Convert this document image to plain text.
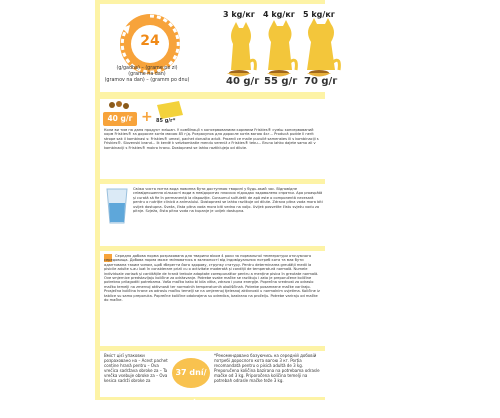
24
3 kg/кг 4 kg/кг 5 kg/кг
40 g/г 55 g/г 70 g/г
(g/gadha) – (grame pe zi)
(grame na dan)
(gramov na dan) – (gramm po dnu)
40 g/г + 85 g/г*
Коли ви тим на даня продукт змішан. У комбінації з консервованими кормами Friskies® суміш консервований корм Friskies® за доросле котів масою 85 г/д. Розрахунок для доросле котів вагою 4кг... Producă pudde Il nerit strope sak il kombinasi s: Friskies® umezi, pachet dorusita adult. Prozedi ce maile puvuilé samenstes ili s kombinaciji s Friskies®. Slovenski brand... Ik kerdé k vetzkomkatie mendu vereniž z Friskies® tebu... Bruno lahko dajete samo ali v kombinaciji s Friskies® mokro hrano. Dostopnest se lahko raztiklujejo od dilute.
Свіжа чиста питна вода повинна бути доступною тварині у будь-який час. Відповідне співвідношення кількості води в невідкритих плоских підходах задоволено спрятки. Apa proaspătă și curată să fie în permanență la dispoziție. Consumul sulfuletit de apă este o componentă necesară pentru o nutriție clinică a animalului. Dostopnest se lahko razlikuje od dilute. Zdrava pitna voda mora biti uvijek dostupna. Sveža, čista pitna voda mora biti vedno na voljo. Uvijek posvetite čistu svježu vodu za pitnje. Svježa, čista pitna voda na kupanje je uvijek dostupna.
Середня добова норма розрахована для тварини віком 4 роки за нормальної температури оточуючого середовища. Добова норма може змінюватись в залежності від індивідуальних потреб кота та має бути адаптована таким чином, щоб зберегти його здорову, струнку статуру. Pentru determinarea greutății medii la pisicile adulte s-au luat în considerare prizii cu o activitate moderată și condiții de temperatură normală. Numele individuale variază și cantitățile de hrană trebuie adaptate corespunzător pentru a menține pisica în greutate normală. Ove smjernice predstavljaju količine za održavanje. Potrebe svake mačke se razlikuju i zato je preporučene količine potrebno prilagoditi potrebama. Vaša mačka kako bi bila vitka, zdrava i puna energije. Poprečna vrednost za odraslo mačko temelji na zmernoj aktivnosti ter normalnih temperaturnih okoliščinah. Potrebe posamezne mačke variirajo. Prosječna količina hrane za odraslu mačku temelji se na umjerenoj tjelesnoj aktivnosti u normalnim uvjetima. Količine iz tablice su samo preporuka. Poprečne količine odobrajena su odredica, bastrano na pročelju. Potrebe variraju od mačke do mačke.
Вміст цієї упаковки розраховано на – Acest pachet conține hrană pentru – Ova vrećica sadržava obroke za – Ta vrečka vsebuje obroke za – Ova kesica sadrži obroke za
37 dní/днів
*Рекомендовано базуючись на середній добовій потребі дорослого кота вагою 3 кг. Porția recomandată pentru o pisică adultă de 3 kg. Preporučena količina bazirana na potrebama odrasle mačke od 3 kg. Priporočena količina temelji na potrebah odrasle mačke teže 3 kg.
